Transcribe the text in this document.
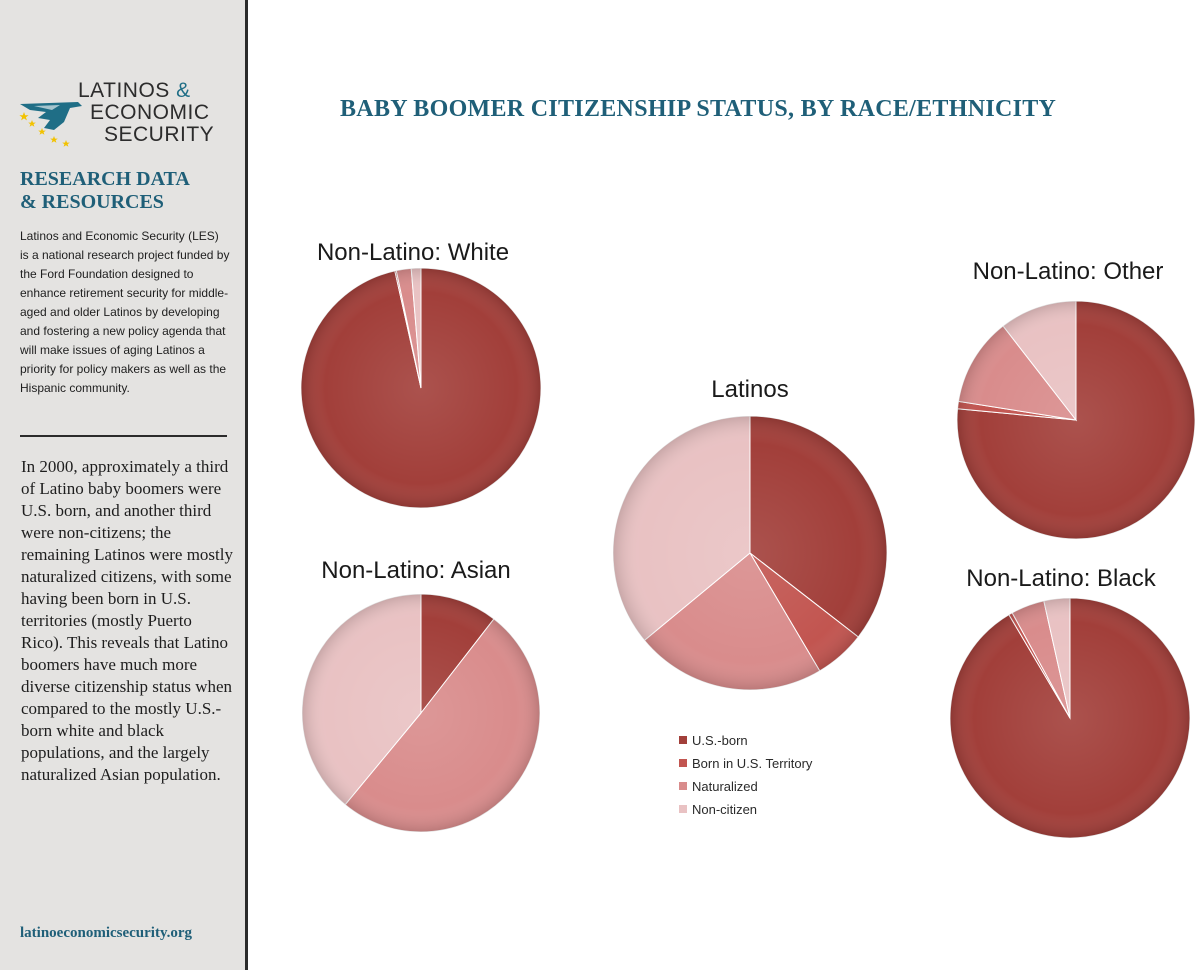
LATINOS &
ECONOMIC
SECURITY
RESEARCH DATA
& RESOURCES
Latinos and Economic Security (LES) is a national research project funded by the Ford Foundation designed to enhance retirement security for middle-aged and older Latinos by developing and fostering a new policy agenda that will make issues of aging Latinos a priority for policy makers as well as the Hispanic community.
In 2000, approximately a third of Latino baby boomers were U.S. born, and another third were non-citizens; the remaining Latinos were mostly naturalized citizens, with some having been born in U.S. territories (mostly Puerto Rico). This reveals that Latino boomers have much more diverse citizenship status when compared to the mostly U.S.-born white and black populations, and the largely naturalized Asian population.
latinoeconomicsecurity.org
BABY BOOMER CITIZENSHIP STATUS, BY RACE/ETHNICITY
Non-Latino: White
Latinos
U.S.-born
Born in U.S. Territory
Naturalized
Non-citizen
Non-Latino: Other
Non-Latino: Asian	Non-Latino: Black
